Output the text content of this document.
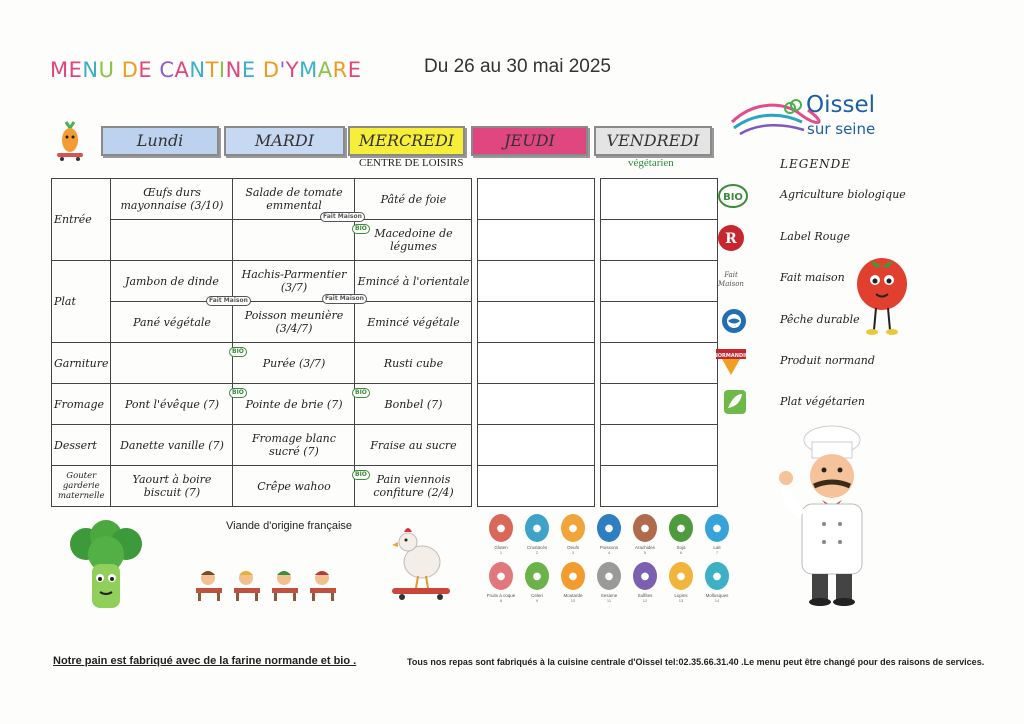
MENU DE CANTINE D'YMARE	Du 26 au 30 mai 2025
Oissel
sur seine
Lundi	MARDI	MERCREDI	JEUDI	VENDREDI
CENTRE DE LOISIRS	végétarien
Entrée	Œufs durs mayonnaise (3/10)	Salade de tomate emmental	Pâté de foie				
			Macedoine de légumes				
Plat	Jambon de dinde	Hachis-Parmentier (3/7)	Emincé à l'orientale				
	Pané végétale	Poisson meunière (3/4/7)	Emincé végétale				
Garniture		Purée (3/7)	Rusti cube				
Fromage	Pont l'évêque (7)	Pointe de brie (7)	Bonbel (7)				
Dessert	Danette vanille (7)	Fromage blanc sucré (7)	Fraise au sucre				
Gouter garderie maternelle	Yaourt à boire biscuit (7)	Crêpe wahoo	Pain viennois confiture (2/4)				
LEGENDE
BIO	Agriculture biologique
R	Label Rouge
Fait
Maison	Fait maison
Pêche durable
NORMANDIE	Produit normand
Plat végétarien
Viande d'origine française	●
Gluten
1
●
Crustacés
2
●
Oeufs
3
●
Poissons
4
●
Arachides
5
●
Soja
6
●
Lait
7
●
Fruits à coque
8
●
Celeri
9
●
Moutarde
10
●
Sesame
11
●
Sulfites
12
●
Lupins
13
●
Mollusques
14
Notre pain est fabriqué avec de la farine normande et bio .	Tous nos repas sont fabriqués à la cuisine centrale d'Oissel tel:02.35.66.31.40 .Le menu peut être changé pour des raisons de services.
Fait Maison
Fait Maison
Fait Maison
BIO
BIO
BIO
BIO
BIO
